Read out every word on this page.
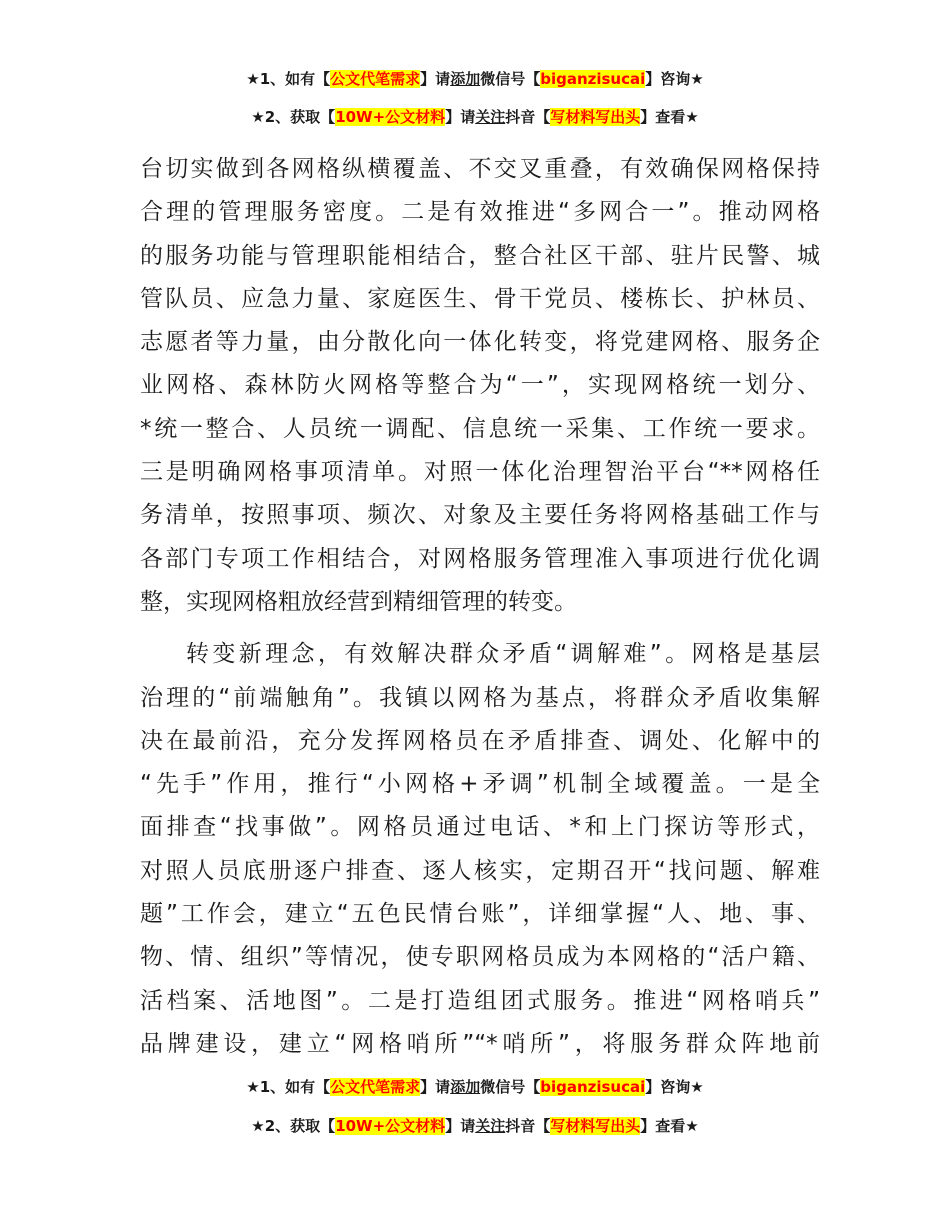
★1、如有【公文代笔需求】请添加微信号【biganzisucai】咨询★
★2、获取【10W+公文材料】请关注抖音【写材料写出头】查看★

台切实做到各网格纵横覆盖、不交叉重叠，有效确保网格保持
合理的管理服务密度。二是有效推进“多网合一”。推动网格
的服务功能与管理职能相结合，整合社区干部、驻片民警、城
管队员、应急力量、家庭医生、骨干党员、楼栋长、护林员、
志愿者等力量，由分散化向一体化转变，将党建网格、服务企
业网格、森林防火网格等整合为“一”，实现网格统一划分、
*统一整合、人员统一调配、信息统一采集、工作统一要求。
三是明确网格事项清单。对照一体化治理智治平台“**网格任
务清单，按照事项、频次、对象及主要任务将网格基础工作与
各部门专项工作相结合，对网格服务管理准入事项进行优化调
整，实现网格粗放经营到精细管理的转变。

转变新理念，有效解决群众矛盾“调解难”。网格是基层
治理的“前端触角”。我镇以网格为基点，将群众矛盾收集解
决在最前沿，充分发挥网格员在矛盾排查、调处、化解中的
“先手”作用，推行“小网格+矛调”机制全域覆盖。一是全
面排查“找事做”。网格员通过电话、*和上门探访等形式，
对照人员底册逐户排查、逐人核实，定期召开“找问题、解难
题”工作会，建立“五色民情台账”，详细掌握“人、地、事、
物、情、组织”等情况，使专职网格员成为本网格的“活户籍、
活档案、活地图”。二是打造组团式服务。推进“网格哨兵”
品牌建设，建立“网格哨所”“*哨所”，将服务群众阵地前

★1、如有【公文代笔需求】请添加微信号【biganzisucai】咨询★
★2、获取【10W+公文材料】请关注抖音【写材料写出头】查看★
